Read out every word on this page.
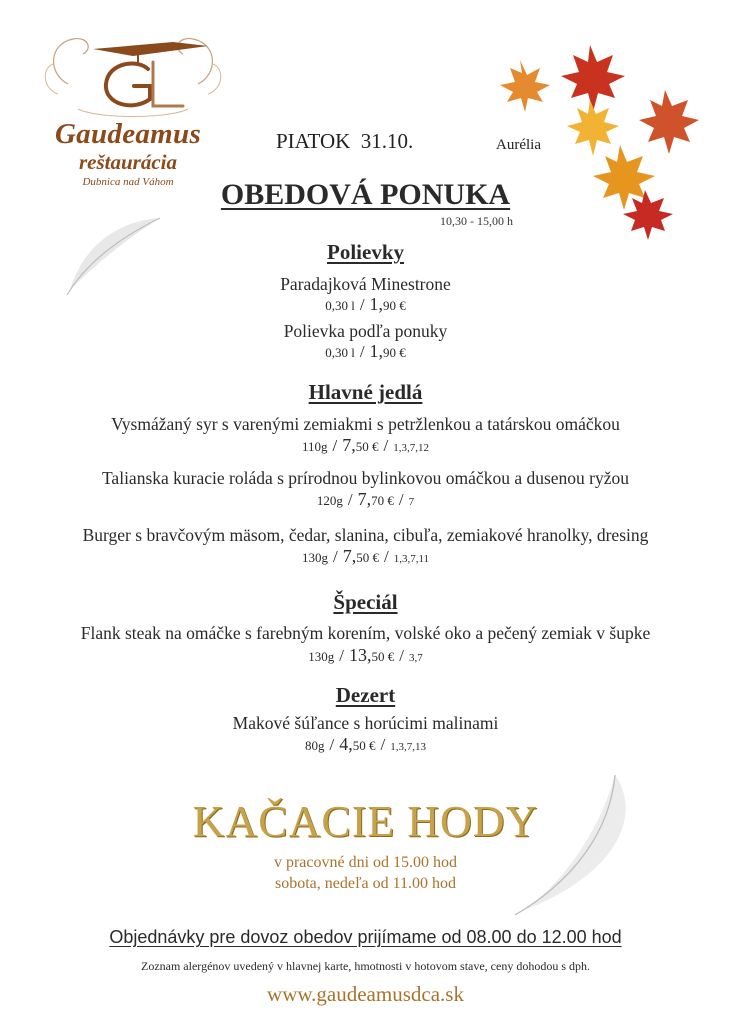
Gaudeamus
reštaurácia
Dubnica nad Váhom
PIATOK  31.10.	Aurélia
OBEDOVÁ PONUKA
10,30 - 15,00 h
Polievky
Paradajková Minestrone
0,30 l / 1,90 €
Polievka podľa ponuky
0,30 l / 1,90 €
Hlavné jedlá
Vysmážaný syr s varenými zemiakmi s petržlenkou a tatárskou omáčkou
110g / 7,50 € / 1,3,7,12
Talianska kuracie roláda s prírodnou bylinkovou omáčkou a dusenou ryžou
120g / 7,70 € / 7
Burger s bravčovým mäsom, čedar, slanina, cibuľa, zemiakové hranolky, dresing
130g / 7,50 € / 1,3,7,11
Špeciál
Flank steak na omáčke s farebným korením, volské oko a pečený zemiak v šupke
130g / 13,50 € / 3,7
Dezert
Makové šúľance s horúcimi malinami
80g / 4,50 € / 1,3,7,13
KAČACIE HODY
v pracovné dni od 15.00 hod
sobota, nedeľa od 11.00 hod
Objednávky pre dovoz obedov prijímame od 08.00 do 12.00 hod
Zoznam alergénov uvedený v hlavnej karte, hmotnosti v hotovom stave, ceny dohodou s dph.
www.gaudeamusdca.sk
